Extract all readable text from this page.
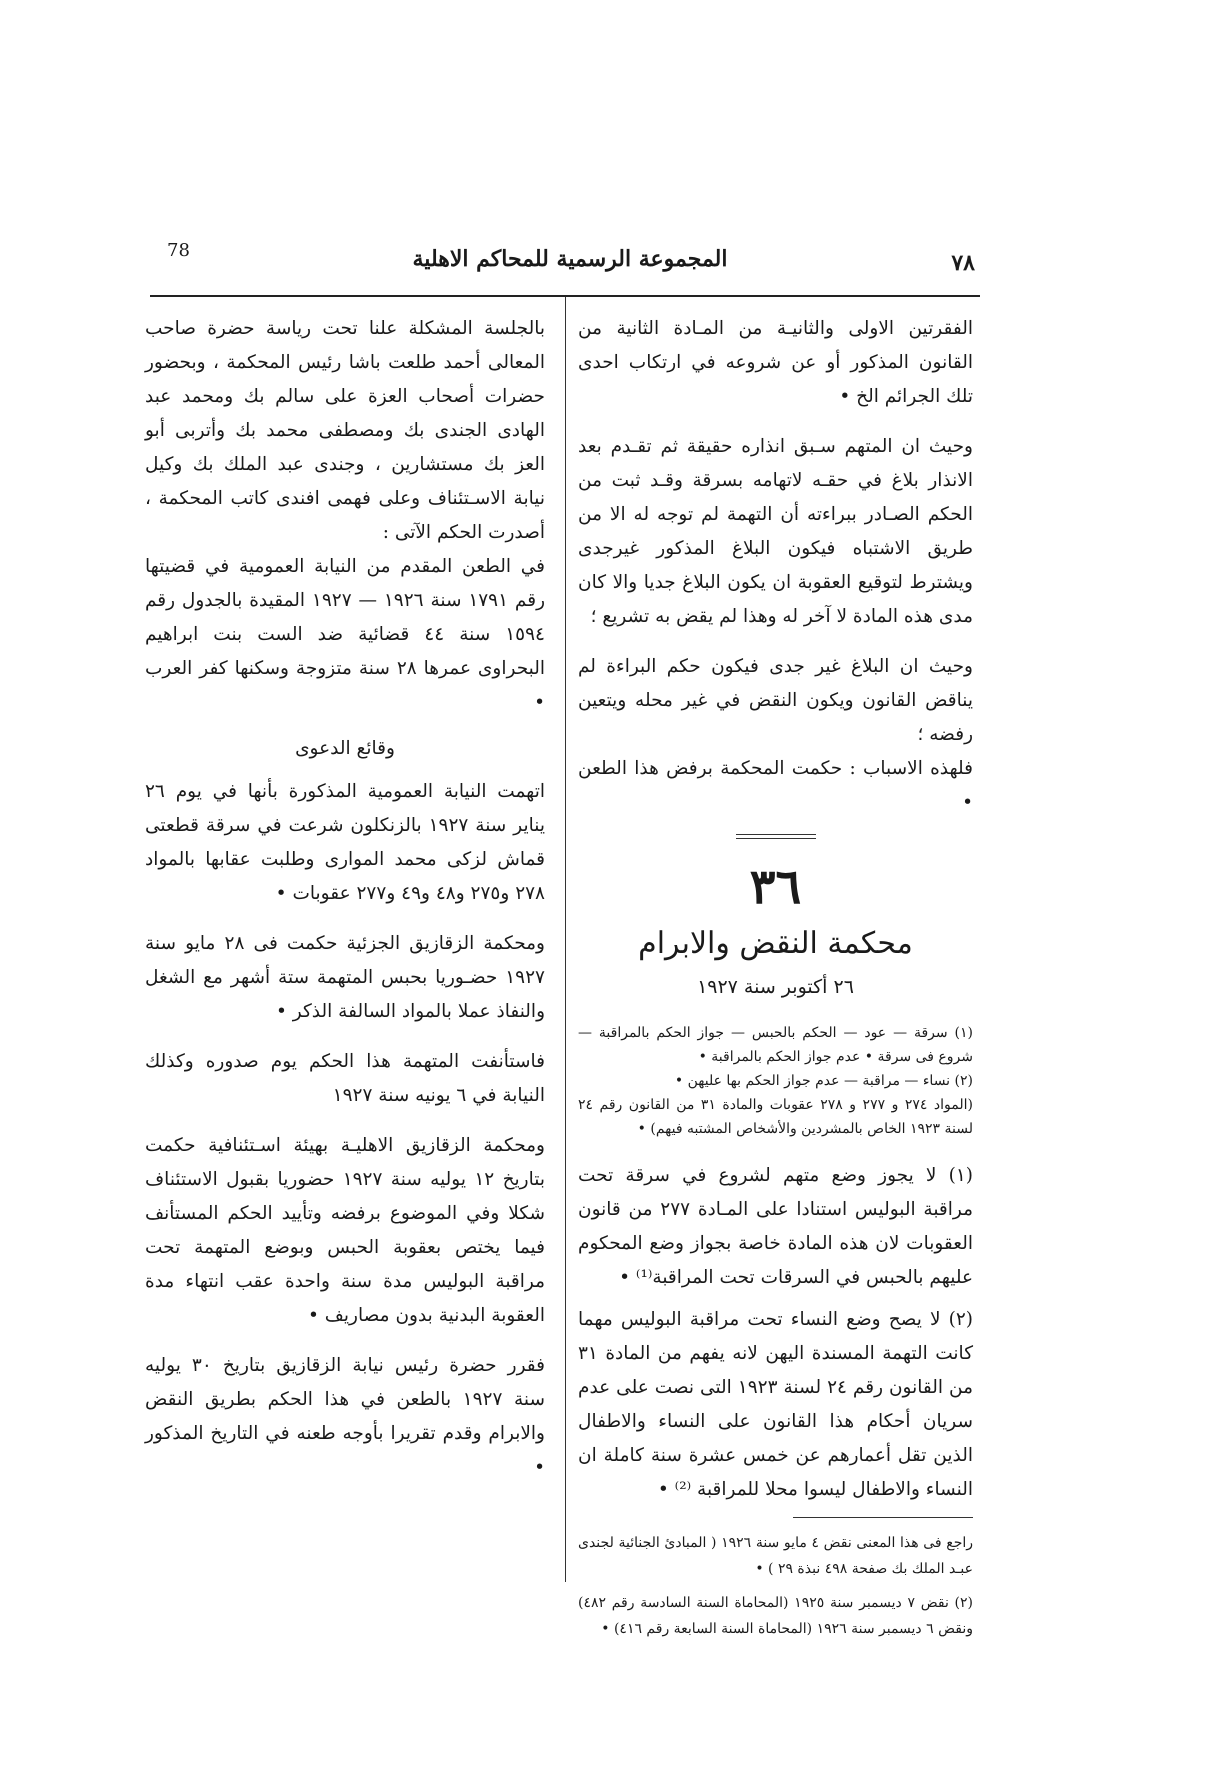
78	المجموعة الرسمية للمحاكم الاهلية	٧٨

الفقرتين الاولى والثانيـة من المـادة الثانية من القانون المذكور أو عن شروعه في ارتكاب احدى تلك الجرائم الخ •

وحيث ان المتهم سـبق انذاره حقيقة ثم تقـدم بعد الانذار بلاغ في حقـه لاتهامه بسرقة وقـد ثبت من الحكم الصـادر ببراءته أن التهمة لم توجه له الا من طريق الاشتباه فيكون البلاغ المذكور غيرجدى ويشترط لتوقيع العقوبة ان يكون البلاغ جديا والا كان مدى هذه المادة لا آخر له وهذا لم يقض به تشريع ؛

وحيث ان البلاغ غير جدى فيكون حكم البراءة لم يناقض القانون ويكون النقض في غير محله ويتعين رفضه ؛

فلهذه الاسباب : حكمت المحكمة برفض هذا الطعن •

٣٦
محكمة النقض والابرام
٢٦ أكتوبر سنة ١٩٢٧

(١) سرقة — عود — الحكم بالحبس — جواز الحكم بالمراقبة — شروع فى سرقة • عدم جواز الحكم بالمراقبة •

(٢) نساء — مراقبة — عدم جواز الحكم بها عليهن •

(المواد ٢٧٤ و ٢٧٧ و ٢٧٨ عقوبات والمادة ٣١ من القانون رقم ٢٤ لسنة ١٩٢٣ الخاص بالمشردين والأشخاص المشتبه فيهم) •

(١) لا يجوز وضع متهم لشروع في سرقة تحت مراقبة البوليس استنادا على المـادة ٢٧٧ من قانون العقوبات لان هذه المادة خاصة بجواز وضع المحكوم عليهم بالحبس في السرقات تحت المراقبة⁽¹⁾ •

(٢) لا يصح وضع النساء تحت مراقبة البوليس مهما كانت التهمة المسندة اليهن لانه يفهم من المادة ٣١ من القانون رقم ٢٤ لسنة ١٩٢٣ التى نصت على عدم سريان أحكام هذا القانون على النساء والاطفال الذين تقل أعمارهم عن خمس عشرة سنة كاملة ان النساء والاطفال ليسوا محلا للمراقبة ⁽²⁾ •

راجع فى هذا المعنى نقض ٤ مايو سنة ١٩٢٦ ( المبادئ الجنائية لجندى عبـد الملك بك صفحة ٤٩٨ نبذة ٢٩ ) •

(٢) نقض ٧ ديسمبر سنة ١٩٢٥ (المحاماة السنة السادسة رقم ٤٨٢) ونقض ٦ ديسمبر سنة ١٩٢٦ (المحاماة السنة السابعة رقم ٤١٦) •

بالجلسة المشكلة علنا تحت رياسة حضرة صاحب المعالى أحمد طلعت باشا رئيس المحكمة ، وبحضور حضرات أصحاب العزة على سالم بك ومحمد عبد الهادى الجندى بك ومصطفى محمد بك وأتربى أبو العز بك مستشارين ، وجندى عبد الملك بك وكيل نيابة الاسـتئناف وعلى فهمى افندى كاتب المحكمة ، أصدرت الحكم الآتى :

في الطعن المقدم من النيابة العمومية في قضيتها رقم ١٧٩١ سنة ١٩٢٦ — ١٩٢٧ المقيدة بالجدول رقم ١٥٩٤ سنة ٤٤ قضائية ضد الست بنت ابراهيم البحراوى عمرها ٢٨ سنة متزوجة وسكنها كفر العرب •

وقائع الدعوى

اتهمت النيابة العمومية المذكورة بأنها في يوم ٢٦ يناير سنة ١٩٢٧ بالزنكلون شرعت في سرقة قطعتى قماش لزكى محمد الموارى وطلبت عقابها بالمواد ٢٧٨ و٢٧٥ و٤٨ و٤٩ و٢٧٧ عقوبات •

ومحكمة الزقازيق الجزئية حكمت فى ٢٨ مايو سنة ١٩٢٧ حضـوريا بحبس المتهمة ستة أشهر مع الشغل والنفاذ عملا بالمواد السالفة الذكر •

فاستأنفت المتهمة هذا الحكم يوم صدوره وكذلك النيابة في ٦ يونيه سنة ١٩٢٧

ومحكمة الزقازيق الاهليـة بهيئة اسـتئنافية حكمت بتاريخ ١٢ يوليه سنة ١٩٢٧ حضوريا بقبول الاستئناف شكلا وفي الموضوع برفضه وتأييد الحكم المستأنف فيما يختص بعقوبة الحبس وبوضع المتهمة تحت مراقبة البوليس مدة سنة واحدة عقب انتهاء مدة العقوبة البدنية بدون مصاريف •

فقرر حضرة رئيس نيابة الزقازيق بتاريخ ٣٠ يوليه سنة ١٩٢٧ بالطعن في هذا الحكم بطريق النقض والابرام وقدم تقريرا بأوجه طعنه في التاريخ المذكور •
